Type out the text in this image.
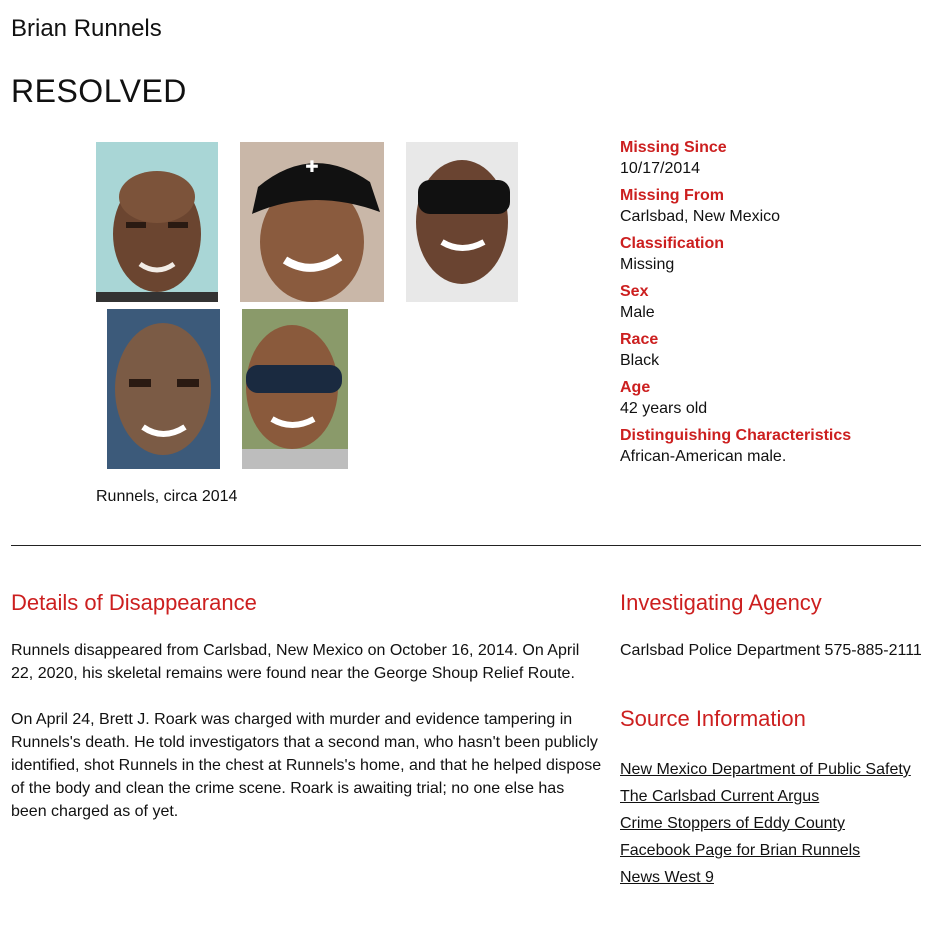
Brian Runnels
RESOLVED
✚
Runnels, circa 2014
Missing Since
10/17/2014
Missing From
Carlsbad, New Mexico
Classification
Missing
Sex
Male
Race
Black
Age
42 years old
Distinguishing Characteristics
African-American male.
Details of Disappearance

Runnels disappeared from Carlsbad, New Mexico on October 16, 2014. On April 22, 2020, his skeletal remains were found near the George Shoup Relief Route.

On April 24, Brett J. Roark was charged with murder and evidence tampering in Runnels's death. He told investigators that a second man, who hasn't been publicly identified, shot Runnels in the chest at Runnels's home, and that he helped dispose of the body and clean the crime scene. Roark is awaiting trial; no one else has been charged as of yet.

Investigating Agency
Carlsbad Police Department 575-885-2111
Source Information
New Mexico Department of Public Safety
The Carlsbad Current Argus
Crime Stoppers of Eddy County
Facebook Page for Brian Runnels
News West 9
